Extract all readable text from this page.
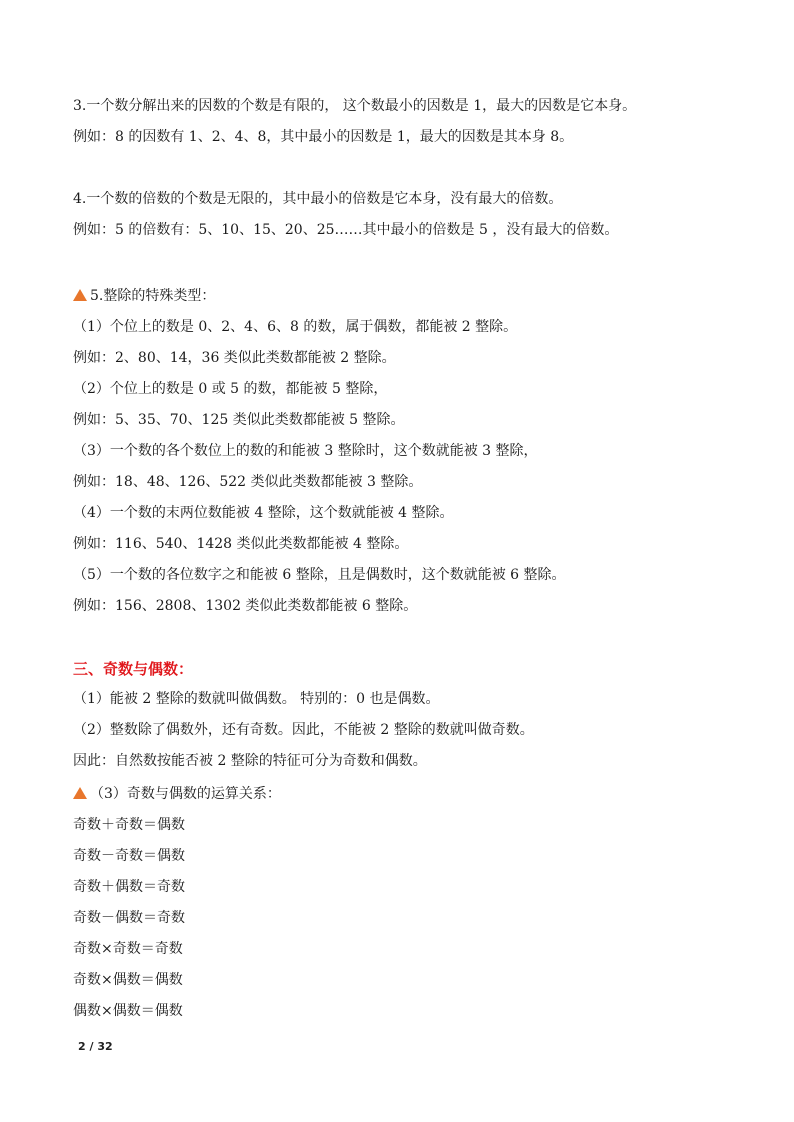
3.一个数分解出来的因数的个数是有限的， 这个数最小的因数是 1，最大的因数是它本身。
例如：8 的因数有 1、2、4、8，其中最小的因数是 1，最大的因数是其本身 8。
4.一个数的倍数的个数是无限的，其中最小的倍数是它本身，没有最大的倍数。
例如：5 的倍数有：5、10、15、20、25……其中最小的倍数是 5 ，没有最大的倍数。
5.整除的特殊类型：
（1）个位上的数是 0、2、4、6、8 的数，属于偶数，都能被 2 整除。
例如：2、80、14，36 类似此类数都能被 2 整除。
（2）个位上的数是 0 或 5 的数，都能被 5 整除，
例如：5、35、70、125 类似此类数都能被 5 整除。
（3）一个数的各个数位上的数的和能被 3 整除时，这个数就能被 3 整除，
例如：18、48、126、522 类似此类数都能被 3 整除。
（4）一个数的末两位数能被 4 整除，这个数就能被 4 整除。
例如：116、540、1428 类似此类数都能被 4 整除。
（5）一个数的各位数字之和能被 6 整除，且是偶数时，这个数就能被 6 整除。
例如：156、2808、1302 类似此类数都能被 6 整除。
三、奇数与偶数：
（1）能被 2 整除的数就叫做偶数。 特别的：0 也是偶数。
（2）整数除了偶数外，还有奇数。因此，不能被 2 整除的数就叫做奇数。
因此：自然数按能否被 2 整除的特征可分为奇数和偶数。
（3）奇数与偶数的运算关系：
奇数＋奇数＝偶数
奇数－奇数＝偶数
奇数＋偶数＝奇数
奇数－偶数＝奇数
奇数×奇数＝奇数
奇数×偶数＝偶数
偶数×偶数＝偶数
2 / 32
